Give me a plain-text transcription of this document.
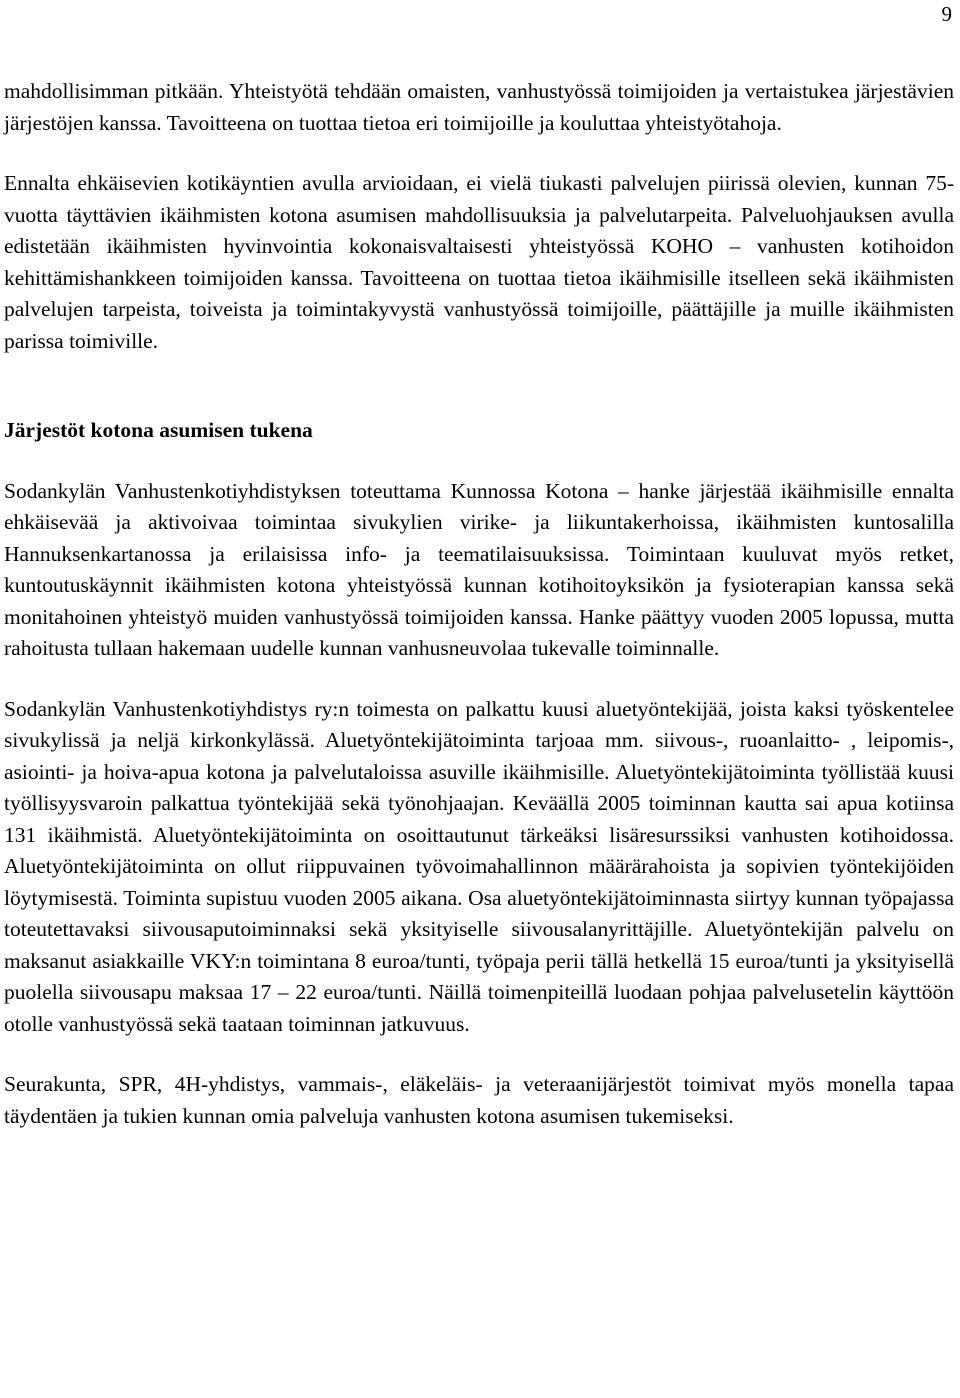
9

mahdollisimman pitkään. Yhteistyötä tehdään omaisten, vanhustyössä toimijoiden ja vertaistukea järjestävien järjestöjen kanssa. Tavoitteena on tuottaa tietoa eri toimijoille ja kouluttaa yhteistyötahoja.

Ennalta ehkäisevien kotikäyntien avulla arvioidaan, ei vielä tiukasti palvelujen piirissä olevien, kunnan 75-vuotta täyttävien ikäihmisten kotona asumisen mahdollisuuksia ja palvelutarpeita. Palveluohjauksen avulla edistetään ikäihmisten hyvinvointia kokonaisvaltaisesti yhteistyössä KOHO – vanhusten kotihoidon kehittämishankkeen toimijoiden kanssa. Tavoitteena on tuottaa tietoa ikäihmisille itselleen sekä ikäihmisten palvelujen tarpeista, toiveista ja toimintakyvystä vanhustyössä toimijoille, päättäjille ja muille ikäihmisten parissa toimiville.

Järjestöt kotona asumisen tukena

Sodankylän Vanhustenkotiyhdistyksen toteuttama Kunnossa Kotona – hanke järjestää ikäihmisille ennalta ehkäisevää ja aktivoivaa toimintaa sivukylien virike- ja liikuntakerhoissa, ikäihmisten kuntosalilla Hannuksenkartanossa ja erilaisissa info- ja teematilaisuuksissa. Toimintaan kuuluvat myös retket, kuntoutuskäynnit ikäihmisten kotona yhteistyössä kunnan kotihoitoyksikön ja fysioterapian kanssa sekä monitahoinen yhteistyö muiden vanhustyössä toimijoiden kanssa. Hanke päättyy vuoden 2005 lopussa, mutta rahoitusta tullaan hakemaan uudelle kunnan vanhusneuvolaa tukevalle toiminnalle.

Sodankylän Vanhustenkotiyhdistys ry:n toimesta on palkattu kuusi aluetyöntekijää, joista kaksi työskentelee sivukylissä ja neljä kirkonkylässä. Aluetyöntekijätoiminta tarjoaa mm. siivous-, ruoanlaitto- , leipomis-, asiointi- ja hoiva-apua kotona ja palvelutaloissa asuville ikäihmisille. Aluetyöntekijätoiminta työllistää kuusi työllisyysvaroin palkattua työntekijää sekä työnohjaajan. Keväällä 2005 toiminnan kautta sai apua kotiinsa 131 ikäihmistä. Aluetyöntekijätoiminta on osoittautunut tärkeäksi lisäresurssiksi vanhusten kotihoidossa. Aluetyöntekijätoiminta on ollut riippuvainen työvoimahallinnon määrärahoista ja sopivien työntekijöiden löytymisestä. Toiminta supistuu vuoden 2005 aikana. Osa aluetyöntekijätoiminnasta siirtyy kunnan työpajassa toteutettavaksi siivousaputoiminnaksi sekä yksityiselle siivousalanyrittäjille. Aluetyöntekijän palvelu on maksanut asiakkaille VKY:n toimintana 8 euroa/tunti, työpaja perii tällä hetkellä 15 euroa/tunti ja yksityisellä puolella siivousapu maksaa 17 – 22 euroa/tunti. Näillä toimenpiteillä luodaan pohjaa palvelusetelin käyttöön otolle vanhustyössä sekä taataan toiminnan jatkuvuus.

Seurakunta, SPR, 4H-yhdistys, vammais-, eläkeläis- ja veteraanijärjestöt toimivat myös monella tapaa täydentäen ja tukien kunnan omia palveluja vanhusten kotona asumisen tukemiseksi.
